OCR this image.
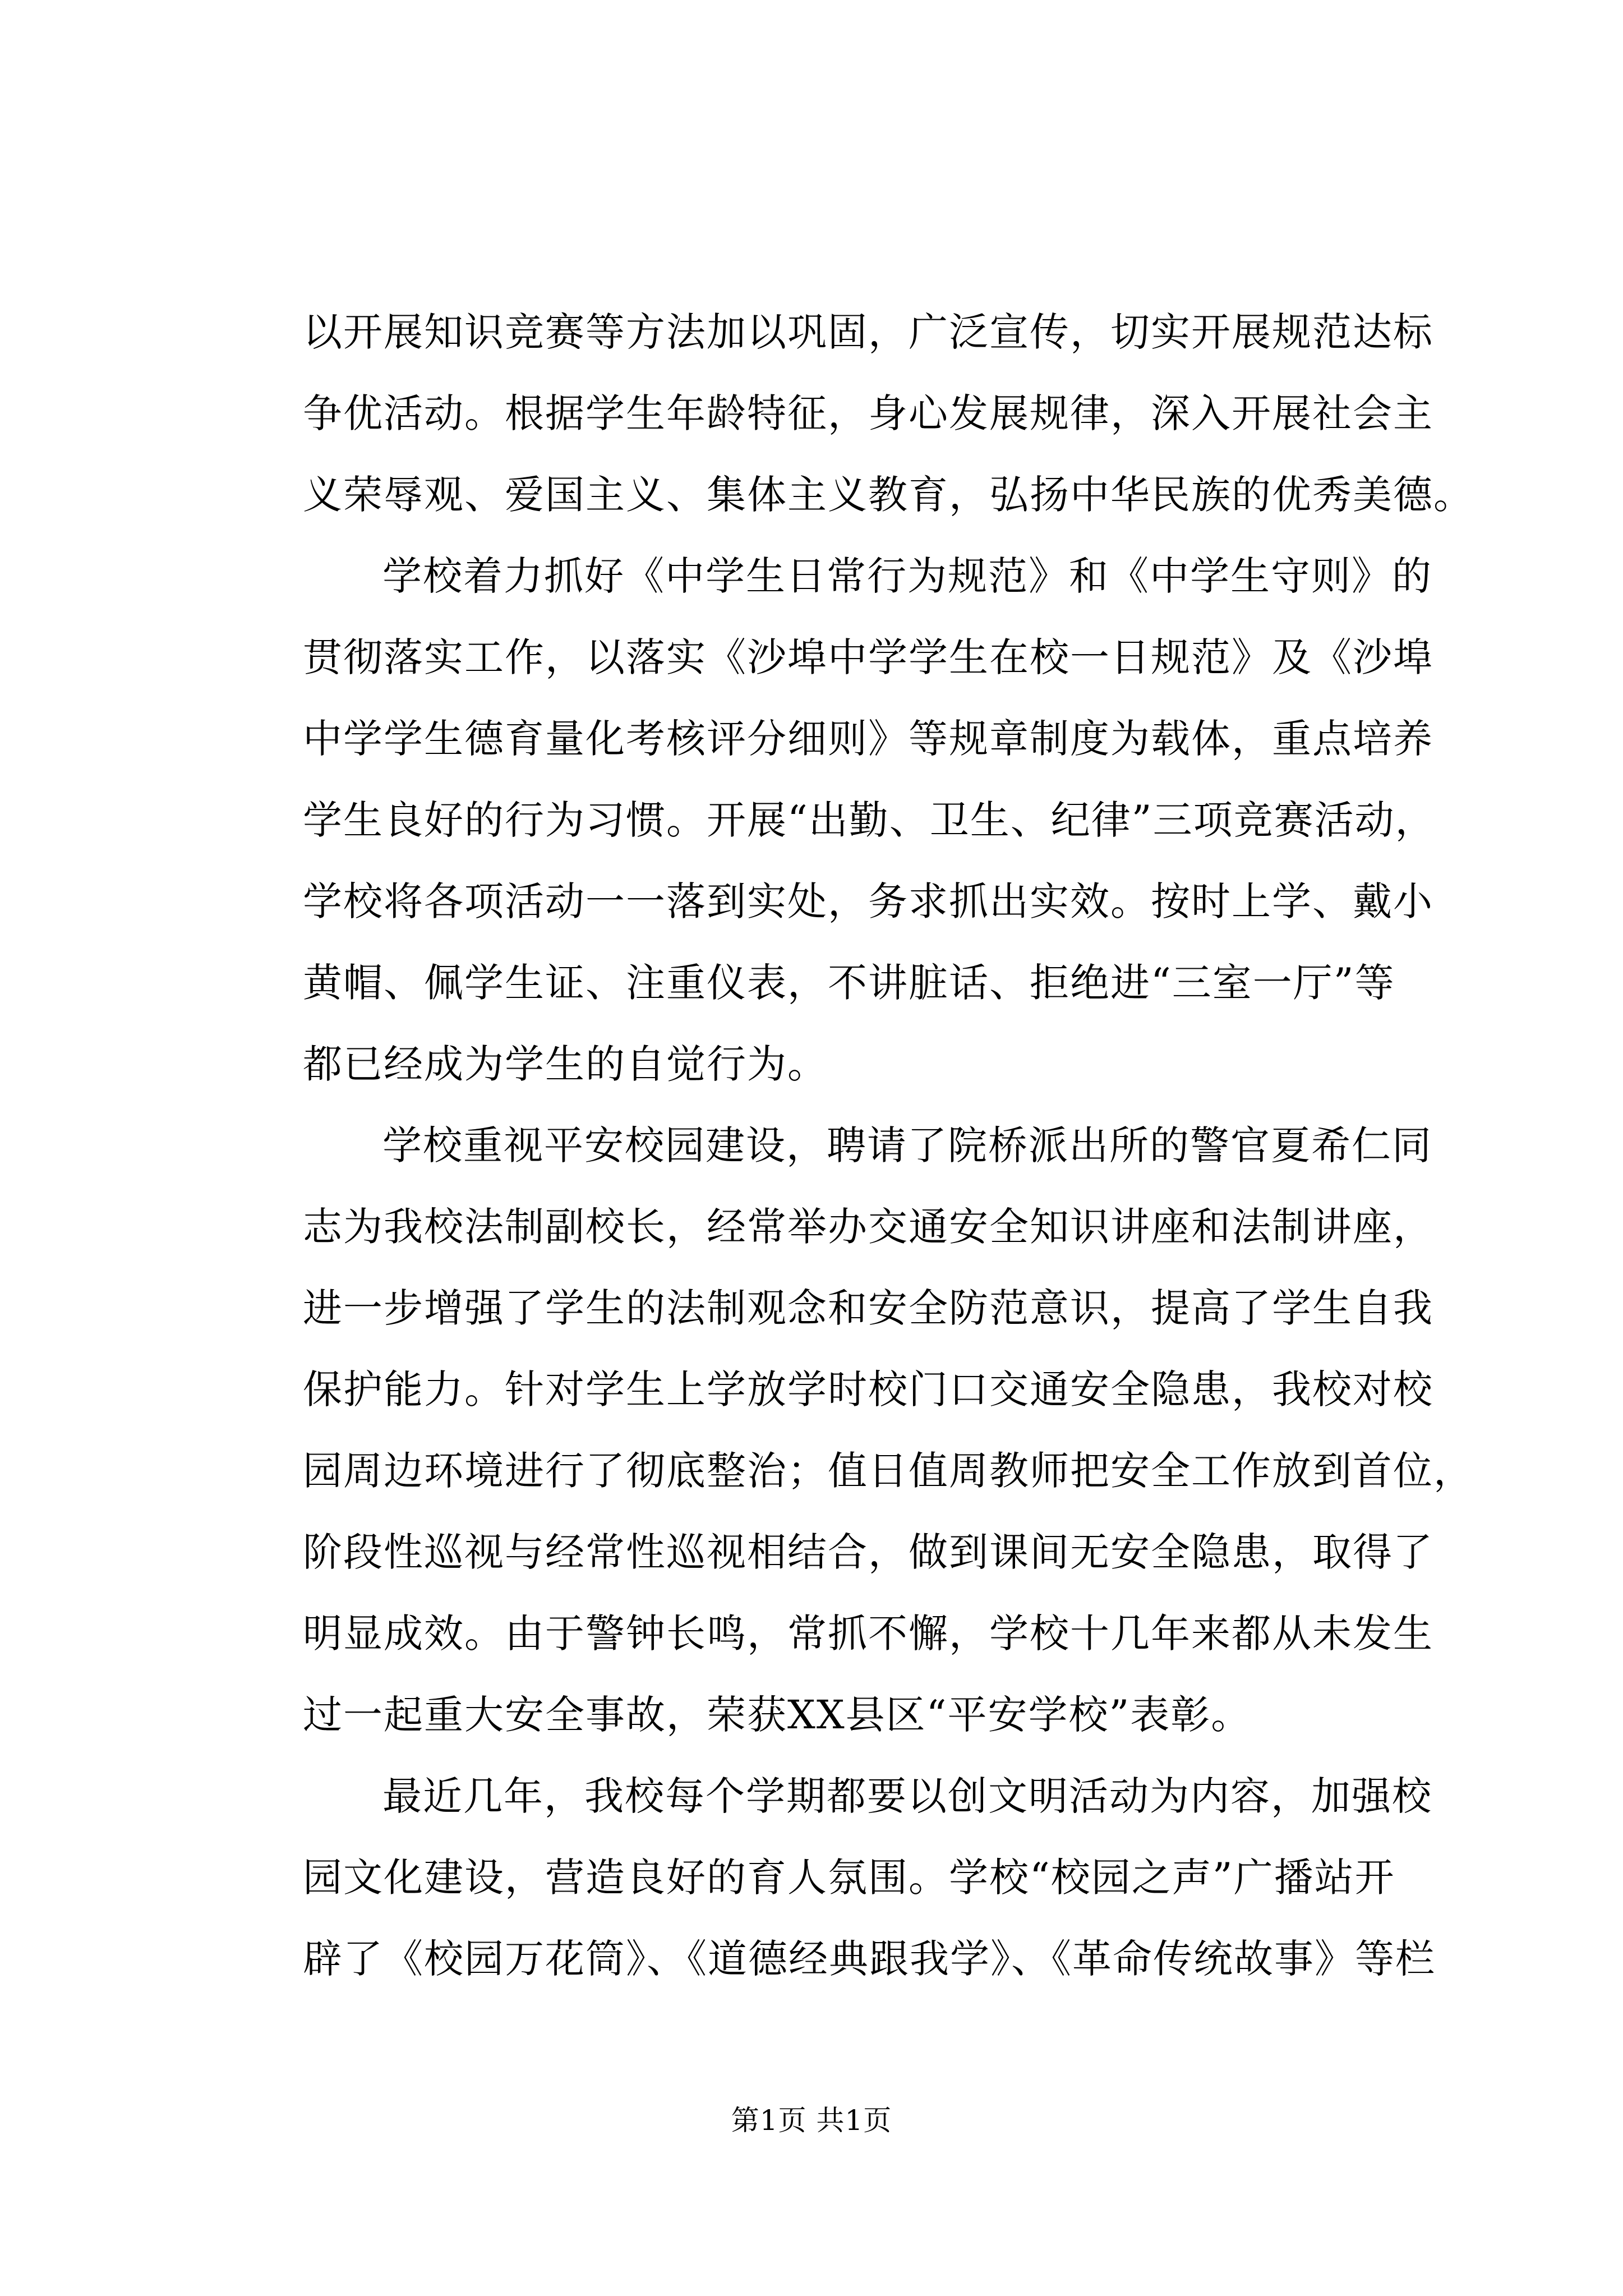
以开展知识竞赛等方法加以巩固，广泛宣传，切实开展规范达标
争优活动。根据学生年龄特征，身心发展规律，深入开展社会主
义荣辱观、爱国主义、集体主义教育，弘扬中华民族的优秀美德。
学校着力抓好《中学生日常行为规范》和《中学生守则》的
贯彻落实工作，以落实《沙埠中学学生在校一日规范》及《沙埠
中学学生德育量化考核评分细则》等规章制度为载体，重点培养
学生良好的行为习惯。开展“出勤、卫生、纪律”三项竞赛活动，
学校将各项活动一一落到实处，务求抓出实效。按时上学、戴小
黄帽、佩学生证、注重仪表，不讲脏话、拒绝进“三室一厅”等
都已经成为学生的自觉行为。
学校重视平安校园建设，聘请了院桥派出所的警官夏希仁同
志为我校法制副校长，经常举办交通安全知识讲座和法制讲座，
进一步增强了学生的法制观念和安全防范意识，提高了学生自我
保护能力。针对学生上学放学时校门口交通安全隐患，我校对校
园周边环境进行了彻底整治；值日值周教师把安全工作放到首位，
阶段性巡视与经常性巡视相结合，做到课间无安全隐患，取得了
明显成效。由于警钟长鸣，常抓不懈，学校十几年来都从未发生
过一起重大安全事故，荣获XX县区“平安学校”表彰。
最近几年，我校每个学期都要以创文明活动为内容，加强校
园文化建设，营造良好的育人氛围。学校“校园之声”广播站开
辟了《校园万花筒》、《道德经典跟我学》、《革命传统故事》等栏
第1页 共1页
